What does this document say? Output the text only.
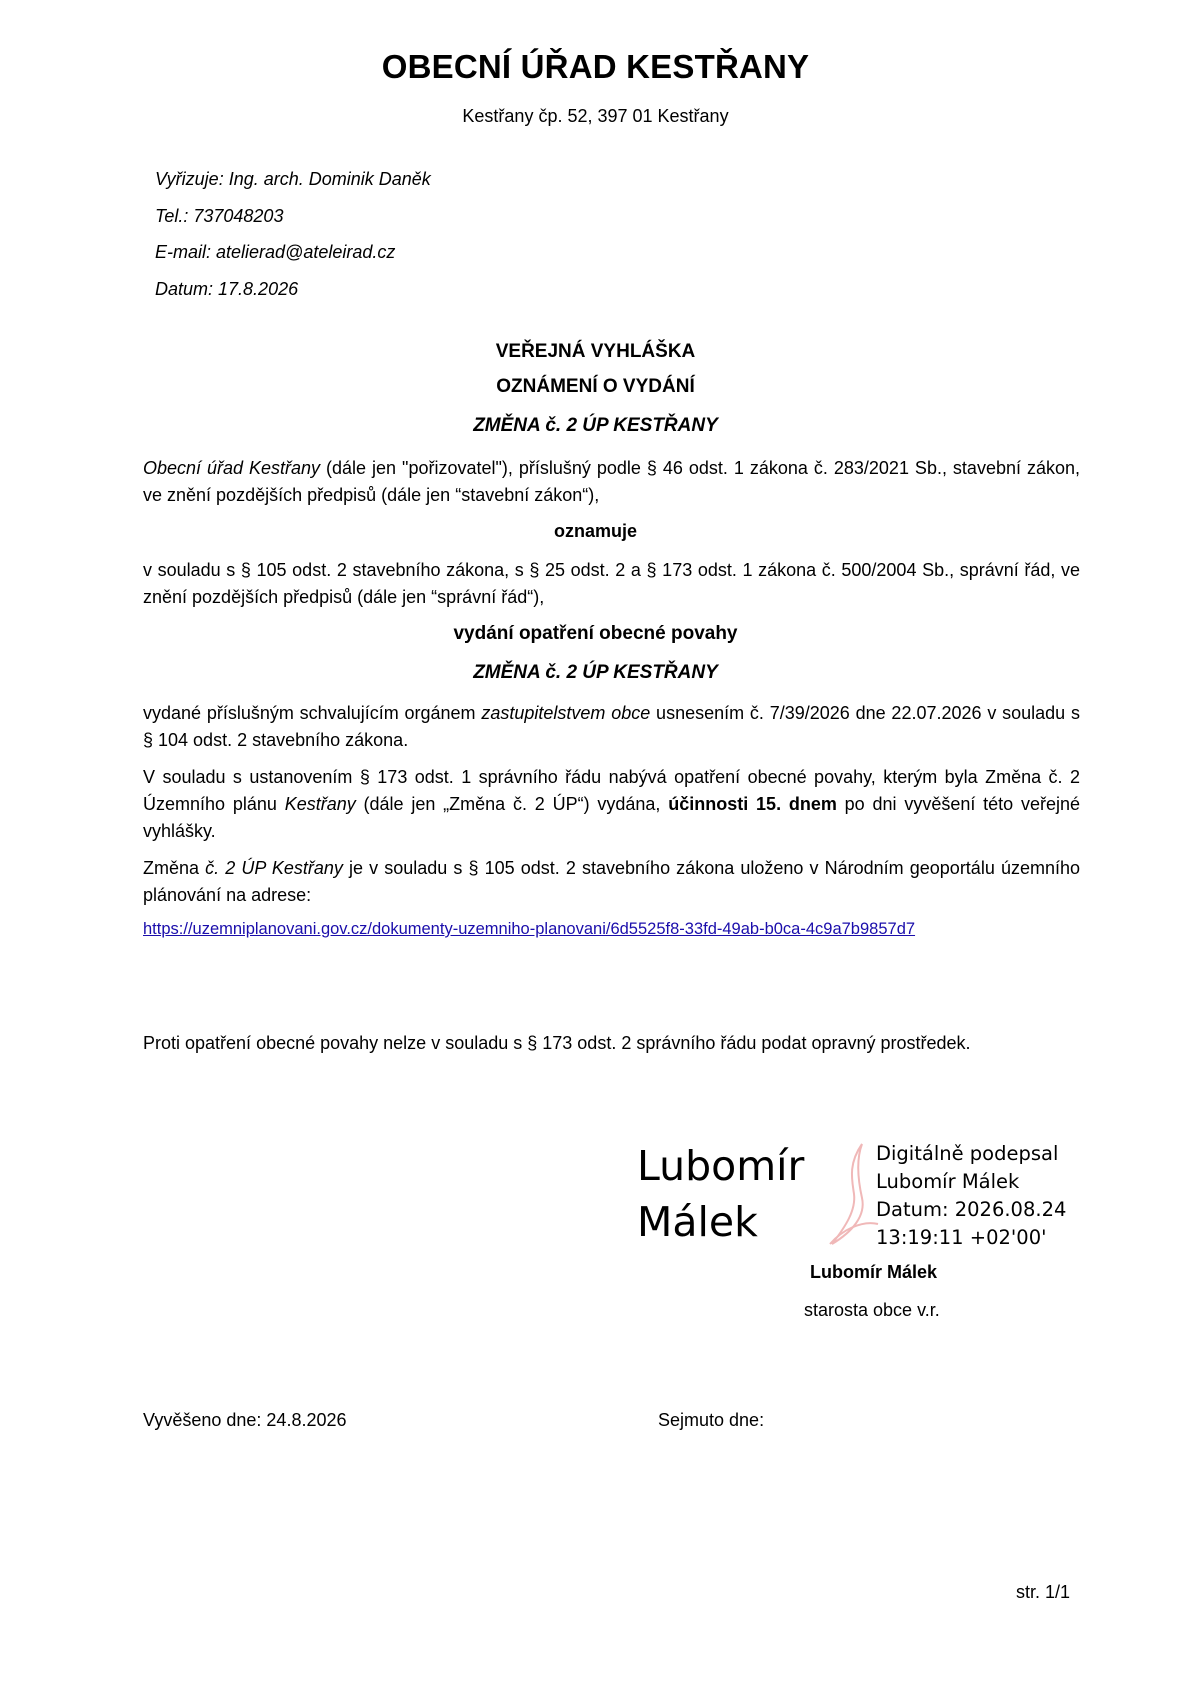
OBECNÍ ÚŘAD KESTŘANY
Kestřany čp. 52, 397 01 Kestřany
Vyřizuje: Ing. arch. Dominik Daněk
Tel.: 737048203
E-mail: atelierad@ateleirad.cz
Datum: 17.8.2026
VEŘEJNÁ VYHLÁŠKA
OZNÁMENÍ O VYDÁNÍ
ZMĚNA č. 2 ÚP KESTŘANY
Obecní úřad Kestřany (dále jen "pořizovatel"), příslušný podle § 46 odst. 1 zákona č. 283/2021 Sb., stavební zákon, ve znění pozdějších předpisů (dále jen “stavební zákon“),
oznamuje
v souladu s § 105 odst. 2 stavebního zákona, s § 25 odst. 2 a § 173 odst. 1 zákona č. 500/2004 Sb., správní řád, ve znění pozdějších předpisů (dále jen “správní řád“),
vydání opatření obecné povahy
ZMĚNA č. 2 ÚP KESTŘANY
vydané příslušným schvalujícím orgánem zastupitelstvem obce usnesením č. 7/39/2026 dne 22.07.2026 v souladu s § 104 odst. 2 stavebního zákona.
V souladu s ustanovením § 173 odst. 1 správního řádu nabývá opatření obecné povahy, kterým byla Změna č. 2 Územního plánu Kestřany (dále jen „Změna č. 2 ÚP“) vydána, účinnosti 15. dnem po dni vyvěšení této veřejné vyhlášky.
Změna č. 2 ÚP Kestřany je v souladu s § 105 odst. 2 stavebního zákona uloženo v Národním geoportálu územního plánování na adrese:
https://uzemniplanovani.gov.cz/dokumenty-uzemniho-planovani/6d5525f8-33fd-49ab-b0ca-4c9a7b9857d7
Proti opatření obecné povahy nelze v souladu s § 173 odst. 2 správního řádu podat opravný prostředek.
Lubomír
Málek
Digitálně podepsal
Lubomír Málek
Datum: 2026.08.24
13:19:11 +02'00'
Lubomír Málek
starosta obce v.r.
Vyvěšeno dne: 24.8.2026	Sejmuto dne:
str. 1/1
